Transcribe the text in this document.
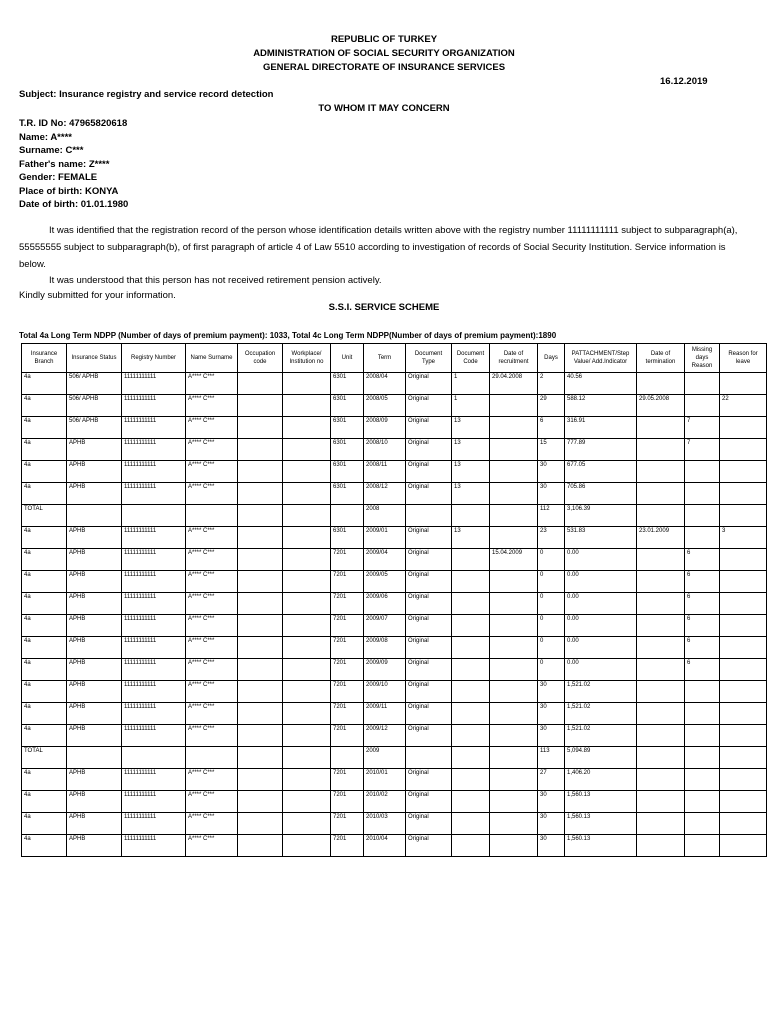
REPUBLIC OF TURKEY
ADMINISTRATION OF SOCIAL SECURITY ORGANIZATION
GENERAL DIRECTORATE OF INSURANCE SERVICES
16.12.2019
Subject: Insurance registry and service record detection
TO WHOM IT MAY CONCERN
T.R. ID No: 47965820618
Name: A****
Surname: C***
Father's name: Z****
Gender: FEMALE
Place of birth: KONYA
Date of birth: 01.01.1980
It was identified that the registration record of the person whose identification details written above with the registry number 11111111111 subject to subparagraph(a), 55555555 subject to subparagraph(b), of first paragraph of article 4 of Law 5510 according to investigation of records of Social Security Institution. Service information is below.
It was understood that this person has not received retirement pension actively.
Kindly submitted for your information.
S.S.I. SERVICE SCHEME
Total 4a Long Term NDPP (Number of days of premium payment): 1033, Total 4c Long Term NDPP(Number of days of premium payment):1890
Insurance Branch	Insurance Status	Registry Number	Name Surname	Occupation code	Workplace/ Institution no	Unit	Term	Document Type	Document Code	Date of recruitment	Days	PATTACHMENT/Step Value/ Add.Indicator	Date of termination	Missing days Reason	Reason for leave
4a	506/ APHB	11111111111	A**** C***			6301	2008/04	Original	1	29.04.2008	2	40.56			
4a	506/ APHB	11111111111	A**** C***			6301	2008/05	Original	1		29	588.12	29.05.2008		22
4a	506/ APHB	11111111111	A**** C***			6301	2008/09	Original	13		6	316.91		7	
4a	APHB	11111111111	A**** C***			6301	2008/10	Original	13		15	777.89		7	
4a	APHB	11111111111	A**** C***			6301	2008/11	Original	13		30	677.05			
4a	APHB	11111111111	A**** C***			6301	2008/12	Original	13		30	705.86			
TOTAL							2008				112	3,106.39			
4a	APHB	11111111111	A**** C***			6301	2009/01	Original	13		23	531.83	23.01.2009		3
4a	APHB	11111111111	A**** C***			7201	2009/04	Original		15.04.2009	0	0.00		6	
4a	APHB	11111111111	A**** C***			7201	2009/05	Original			0	0.00		6	
4a	APHB	11111111111	A**** C***			7201	2009/06	Original			0	0.00		6	
4a	APHB	11111111111	A**** C***			7201	2009/07	Original			0	0.00		6	
4a	APHB	11111111111	A**** C***			7201	2009/08	Original			0	0.00		6	
4a	APHB	11111111111	A**** C***			7201	2009/09	Original			0	0.00		6	
4a	APHB	11111111111	A**** C***			7201	2009/10	Original			30	1,521.02			
4a	APHB	11111111111	A**** C***			7201	2009/11	Original			30	1,521.02			
4a	APHB	11111111111	A**** C***			7201	2009/12	Original			30	1,521.02			
TOTAL							2009				113	5,094.89			
4a	APHB	11111111111	A**** C***			7201	2010/01	Original			27	1,406.20			
4a	APHB	11111111111	A**** C***			7201	2010/02	Original			30	1,560.13			
4a	APHB	11111111111	A**** C***			7201	2010/03	Original			30	1,560.13			
4a	APHB	11111111111	A**** C***			7201	2010/04	Original			30	1,560.13			
